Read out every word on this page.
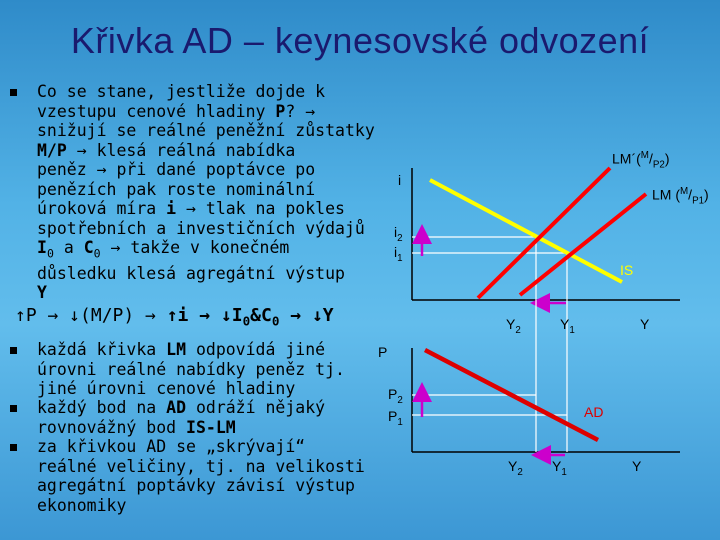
Křivka AD – keynesovské odvození
Co se stane, jestliže dojde k
vzestupu cenové hladiny P? →
snižují se reálné peněžní zůstatky
M/P → klesá reálná nabídka
peněz → při dané poptávce po
penězích pak roste nominální
úroková míra i → tlak na pokles
spotřebních a investičních výdajů
$I_0$ a $C_0$ → takže v konečném
důsledku klesá agregátní výstup
Y
↑P → ↓(M/P) → ↑i → $↓I_0\&C_0$ → ↓Y
každá křivka LM odpovídá jiné
úrovni reálné nabídky peněz tj.
jiné úrovni cenové hladiny
každý bod na AD odráží nějaký
rovnovážný bod IS-LM
za křivkou AD se „skrývají“
reálné veličiny, tj. na velikosti
agregátní poptávky závisí výstup
ekonomiky
i
$i_2$
$i_1$
$LM´(^M/_{P2})$
LM $(^M/_{P1})$
IS
$Y_2$	$Y_1$	Y
P
$P_2$
$P_1$
AD
$Y_2$ $Y_1$	Y
